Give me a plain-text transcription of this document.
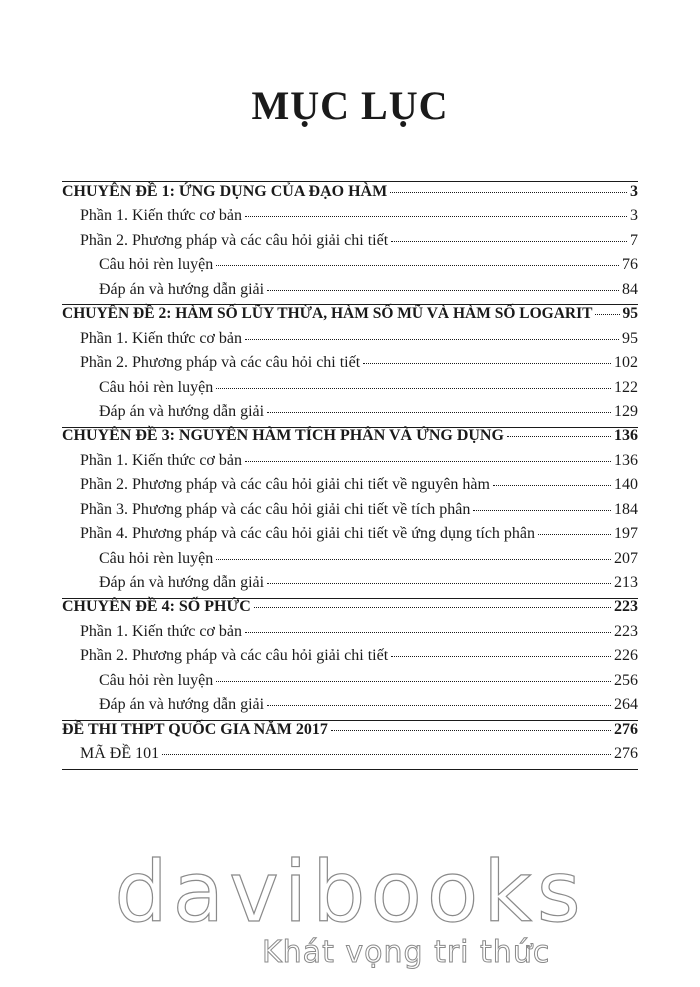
MỤC LỤC
CHUYÊN ĐỀ 1: ỨNG DỤNG CỦA ĐẠO HÀM	3
Phần 1. Kiến thức cơ bản	3
Phần 2. Phương pháp và các câu hỏi giải chi tiết	7
Câu hỏi rèn luyện	76
Đáp án và hướng dẫn giải	84
CHUYÊN ĐỀ 2: HÀM SỐ LŨY THỪA, HÀM SỐ MŨ VÀ HÀM SỐ LOGARIT 95
Phần 1. Kiến thức cơ bản	95
Phần 2. Phương pháp và các câu hỏi chi tiết	102
Câu hỏi rèn luyện	122
Đáp án và hướng dẫn giải	129
CHUYÊN ĐỀ 3: NGUYÊN HÀM TÍCH PHÂN VÀ ỨNG DỤNG	136
Phần 1. Kiến thức cơ bản	136
Phần 2. Phương pháp và các câu hỏi giải chi tiết về nguyên hàm	140
Phần 3. Phương pháp và các câu hỏi giải chi tiết về tích phân	184
Phần 4. Phương pháp và các câu hỏi giải chi tiết về ứng dụng tích phân	197
Câu hỏi rèn luyện	207
Đáp án và hướng dẫn giải	213
CHUYÊN ĐỀ 4: SỐ PHỨC	223
Phần 1. Kiến thức cơ bản	223
Phần 2. Phương pháp và các câu hỏi giải chi tiết	226
Câu hỏi rèn luyện	256
Đáp án và hướng dẫn giải	264
ĐỀ THI THPT QUỐC GIA NĂM 2017	276
MÃ ĐỀ 101	276
davibooks
Khát vọng tri thức
